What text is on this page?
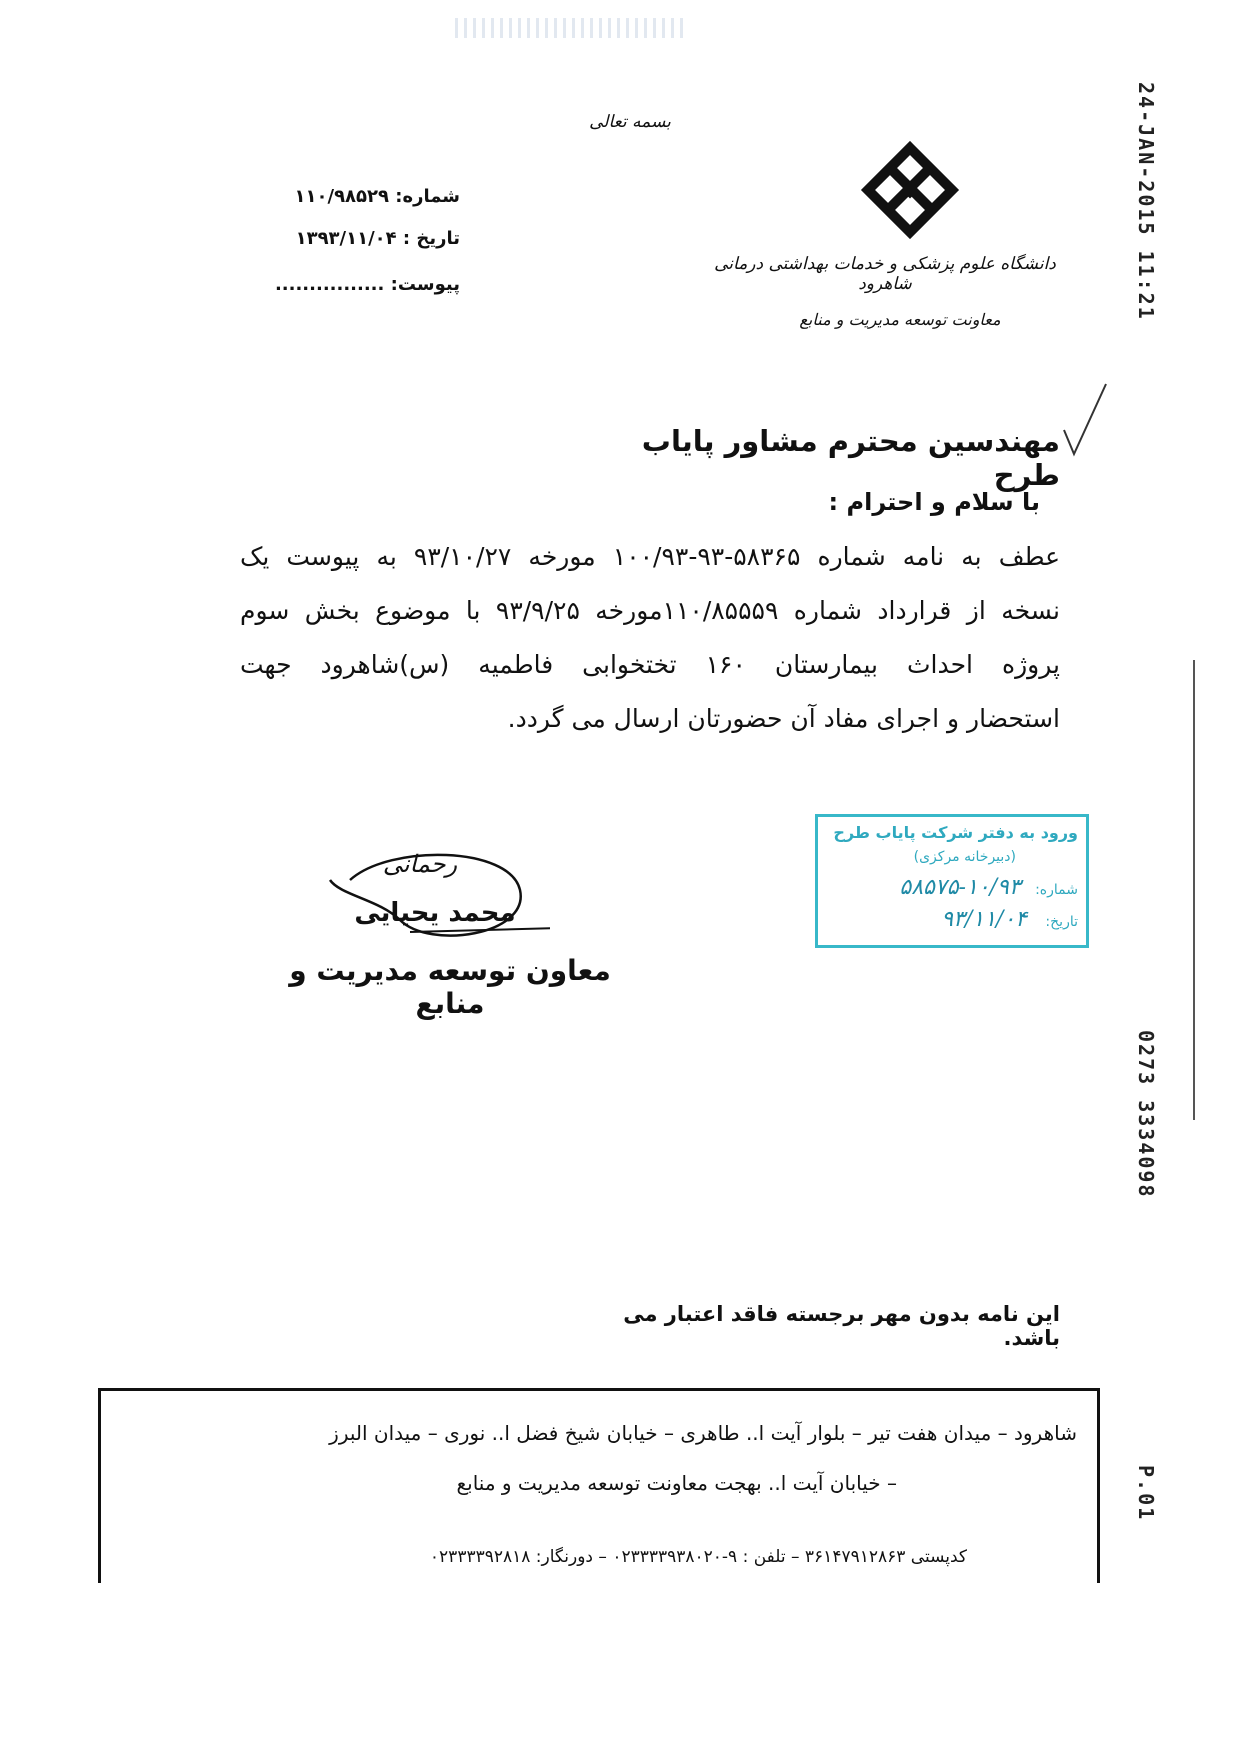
24-JAN-2015 11:21
0273 3334098
P.01
بسمه تعالی
دانشگاه علوم پزشکی و خدمات بهداشتی درمانی شاهرود
معاونت توسعه مدیریت و منابع
شماره: ۱۱۰/۹۸۵۲۹
تاریخ : ۱۳۹۳/۱۱/۰۴
پیوست: ................
مهندسین محترم مشاور پایاب طرح
با سلام و احترام :
عطف به نامه شماره ۵۸۳۶۵-۹۳-۱۰۰/۹۳ مورخه ۹۳/۱۰/۲۷ به پیوست یک
نسخه از قرارداد شماره ۱۱۰/۸۵۵۵۹مورخه ۹۳/۹/۲۵ با موضوع بخش سوم
پروژه احداث بیمارستان ۱۶۰ تختخوابی فاطمیه (س)شاهرود جهت
استحضار و اجرای مفاد آن حضورتان ارسال می گردد.
ورود به دفتر شرکت پایاب طرح
(دبیرخانه مرکزی)
شماره: ۱۰/۹۳-۵۸۵۷۵
تاریخ: ۹۳/۱۱/۰۴
رحمانی
محمد یحیایی
معاون توسعه مدیریت و منابع
این نامه بدون مهر برجسته فاقد اعتبار می باشد.
شاهرود – میدان هفت تیر – بلوار آیت ا.. طاهری – خیابان شیخ فضل ا.. نوری – میدان البرز
– خیابان آیت ا.. بهجت معاونت توسعه مدیریت و منابع
کدپستی ۳۶۱۴۷۹۱۲۸۶۳ – تلفن : ۹-۰۲۳۳۳۳۹۳۸۰۲۰ – دورنگار: ۰۲۳۳۳۳۹۲۸۱۸
